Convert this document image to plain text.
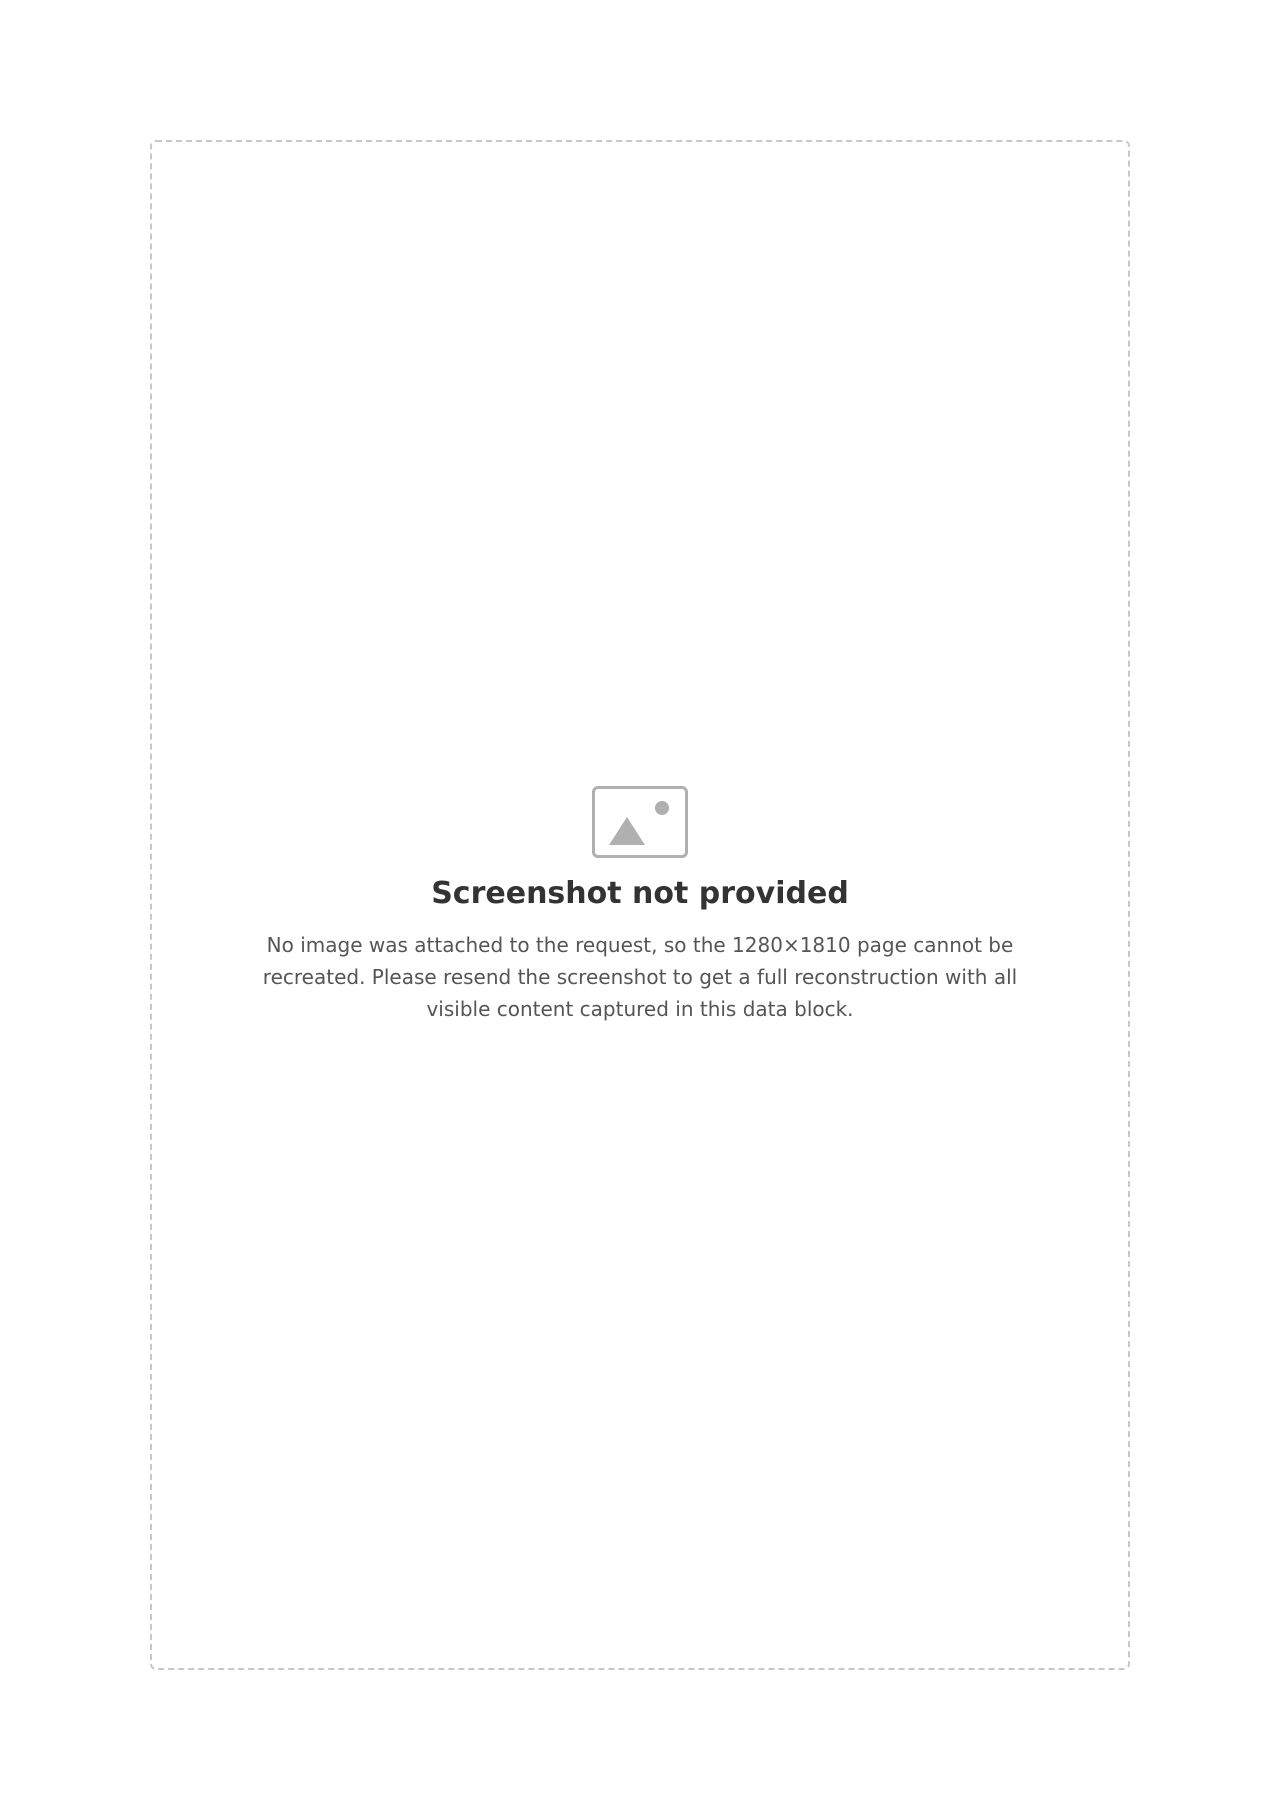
Screenshot not provided
No image was attached to the request, so the 1280×1810 page cannot be recreated. Please resend the screenshot to get a full reconstruction with all visible content captured in this data block.
